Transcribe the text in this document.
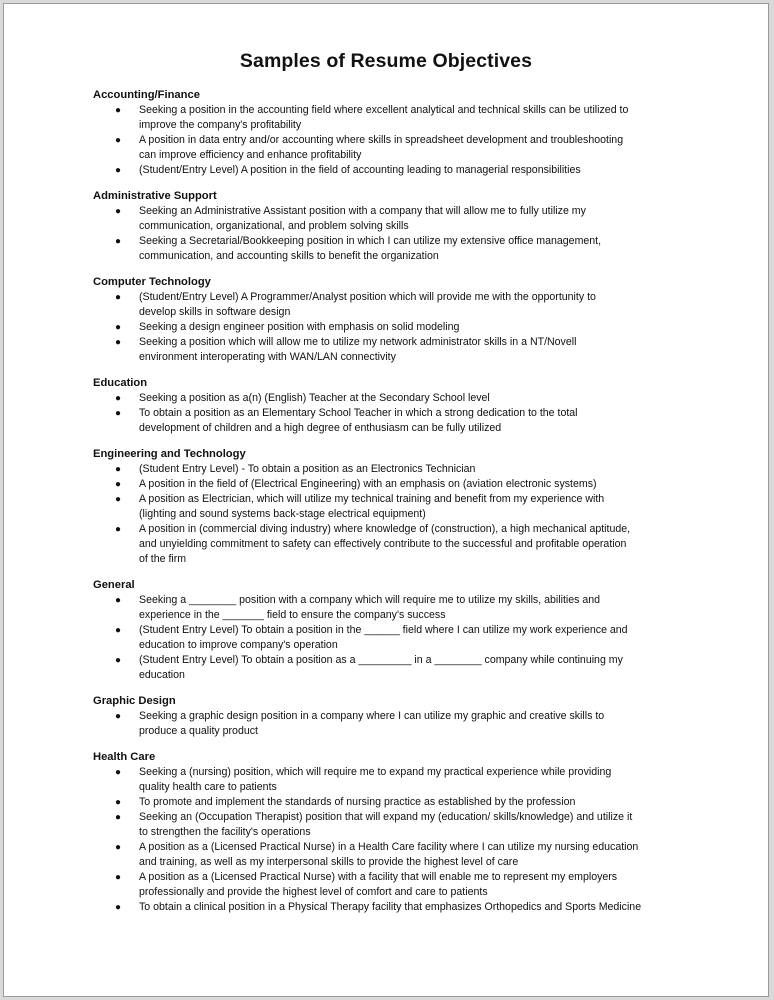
Samples of Resume Objectives
Accounting/Finance
● Seeking a position in the accounting field where excellent analytical and technical skills can be utilized to
improve the company's profitability
● A position in data entry and/or accounting where skills in spreadsheet development and troubleshooting
can improve efficiency and enhance profitability
● (Student/Entry Level) A position in the field of accounting leading to managerial responsibilities
Administrative Support
● Seeking an Administrative Assistant position with a company that will allow me to fully utilize my
communication, organizational, and problem solving skills
● Seeking a Secretarial/Bookkeeping position in which I can utilize my extensive office management,
communication, and accounting skills to benefit the organization
Computer Technology
● (Student/Entry Level) A Programmer/Analyst position which will provide me with the opportunity to
develop skills in software design
● Seeking a design engineer position with emphasis on solid modeling
● Seeking a position which will allow me to utilize my network administrator skills in a NT/Novell
environment interoperating with WAN/LAN connectivity
Education
● Seeking a position as a(n) (English) Teacher at the Secondary School level
● To obtain a position as an Elementary School Teacher in which a strong dedication to the total
development of children and a high degree of enthusiasm can be fully utilized
Engineering and Technology
● (Student Entry Level) - To obtain a position as an Electronics Technician
● A position in the field of (Electrical Engineering) with an emphasis on (aviation electronic systems)
● A position as Electrician, which will utilize my technical training and benefit from my experience with
(lighting and sound systems back-stage electrical equipment)
● A position in (commercial diving industry) where knowledge of (construction), a high mechanical aptitude,
and unyielding commitment to safety can effectively contribute to the successful and profitable operation
of the firm
General
● Seeking a ________ position with a company which will require me to utilize my skills, abilities and
experience in the _______ field to ensure the company's success
● (Student Entry Level) To obtain a position in the ______ field where I can utilize my work experience and
education to improve company's operation
● (Student Entry Level) To obtain a position as a _________ in a ________ company while continuing my
education
Graphic Design
● Seeking a graphic design position in a company where I can utilize my graphic and creative skills to
produce a quality product
Health Care
● Seeking a (nursing) position, which will require me to expand my practical experience while providing
quality health care to patients
● To promote and implement the standards of nursing practice as established by the profession
● Seeking an (Occupation Therapist) position that will expand my (education/ skills/knowledge) and utilize it
to strengthen the facility's operations
● A position as a (Licensed Practical Nurse) in a Health Care facility where I can utilize my nursing education
and training, as well as my interpersonal skills to provide the highest level of care
● A position as a (Licensed Practical Nurse) with a facility that will enable me to represent my employers
professionally and provide the highest level of comfort and care to patients
● To obtain a clinical position in a Physical Therapy facility that emphasizes Orthopedics and Sports Medicine
